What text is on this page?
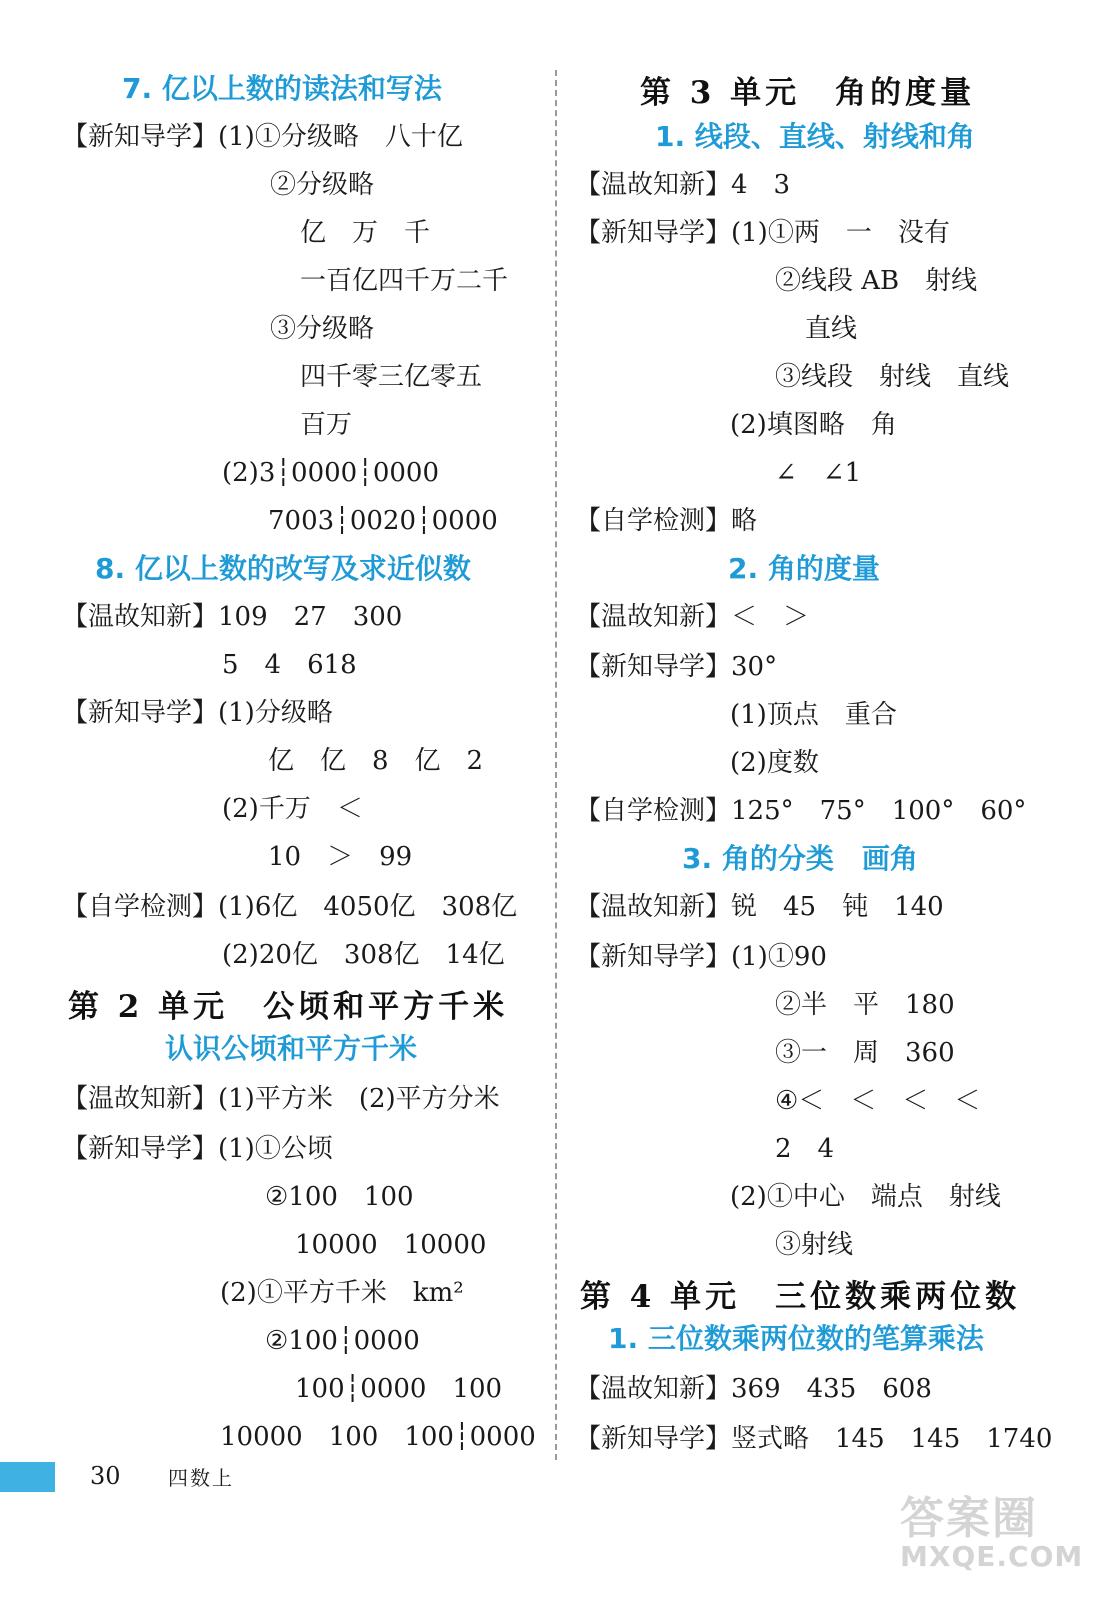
7. 亿以上数的读法和写法
【新知导学】(1)①分级略　八十亿
②分级略
亿　万　千
一百亿四千万二千
③分级略
四千零三亿零五
百万
(2)3┆0000┆0000
7003┆0020┆0000
8. 亿以上数的改写及求近似数
【温故知新】109　27　300
5　4　618
【新知导学】(1)分级略
亿　亿　8　亿　2
(2)千万　＜
10　＞　99
【自学检测】(1)6亿　4050亿　308亿
(2)20亿　308亿　14亿
第 2 单元　公顷和平方千米
认识公顷和平方千米
【温故知新】(1)平方米　(2)平方分米
【新知导学】(1)①公顷
②100　100
10000　10000
(2)①平方千米　km²
②100┆0000
100┆0000　100
10000　100　100┆0000
第 3 单元　角的度量
1. 线段、直线、射线和角
【温故知新】4　3
【新知导学】(1)①两　一　没有
②线段 AB　射线
直线
③线段　射线　直线
(2)填图略　角
∠　∠1
【自学检测】略
2. 角的度量
【温故知新】＜　＞
【新知导学】30°
(1)顶点　重合
(2)度数
【自学检测】125°　75°　100°　60°
3. 角的分类　画角
【温故知新】锐　45　钝　140
【新知导学】(1)①90
②半　平　180
③一　周　360
④＜　＜　＜　＜
2　4
(2)①中心　端点　射线
③射线
第 4 单元　三位数乘两位数
1. 三位数乘两位数的笔算乘法
【温故知新】369　435　608
【新知导学】竖式略　145　145　1740
30 四数上
答案圈
MXQE.COM
